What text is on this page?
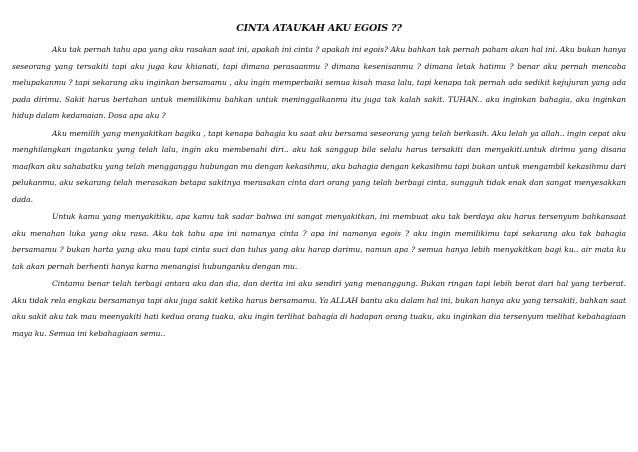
CINTA ATAUKAH AKU EGOIS ??

Aku tak pernah tahu apa yang aku rasakan saat ini, apakah ini cinta ? apakah ini egois? Aku bahkan tak pernah paham akan hal ini. Aku bukan hanya seseorang yang tersakiti tapi aku juga kau khianati, tapi dimana perasaanmu ? dimana kesenisanmu ? dimana letak hatimu ? benar aku pernah mencoba melupakanmu ? tapi sekarang aku inginkan bersamamu , aku ingin memperbaiki semua kisah masa lalu, tapi kenapa tak pernah ada sedikit kejujuran yang ada pada dirimu. Sakit harus bertahan untuk memilikimu bahkan untuk meninggalkanmu itu juga tak kalah sakit. TUHAN.. aku inginkan bahagia, aku inginkan hidup dalam kedamaian. Dosa apa aku ?

Aku memilih yang menyakitkan bagiku , tapi kenapa bahagia ku saat aku bersama seseorang yang telah berkasih. Aku lelah ya allah.. ingin cepat aku menghilangkan ingatanku yang telah lalu, ingin aku membenahi diri.. aku tak sanggup bila selalu harus tersakiti dan menyakiti.untuk dirimu yang disana maafkan aku sahabatku yang telah mengganggu hubungan mu dengan kekasihmu, aku bahagia dengan kekasihmu tapi bukan untuk mengambil kekasihmu dari pelukanmu, aku sekarang telah merasakan betapa sakitnya merasakan cinta dari orang yang telah berbagi cinta, sungguh tidak enak dan sangat menyesakkan dada.

Untuk kamu yang menyakitiku, apa kamu tak sadar bahwa ini sangat menyakitkan, ini membuat aku tak berdaya aku harus tersenyum bahkansaat aku menahan luka yang aku rasa. Aku tak tahu apa ini namanya cinta ? apa ini namanya egois ? aku ingin memilikimu tapi sekarang aku tak bahagia bersamamu ? bukan harta yang aku mau tapi cinta suci dan tulus yang aku harap darimu, namun apa ? semua hanya lebih menyakitkan bagi ku.. air mata ku tak akan pernah berhenti hanya karna menangisi hubunganku dengan mu.

Cintamu benar telah terbagi antara aku dan dia, dan derita ini aku sendiri yang menanggung. Bukan ringan tapi lebih berat dari hal yang terberat. Aku tidak rela engkau bersamanya tapi aku juga sakit ketika harus bersamamu. Ya ALLAH bantu aku dalam hal ini, bukan hanya aku yang tersakiti, bahkan saat aku sakit aku tak mau meenyakiti hati kedua orang tuaku, aku ingin terlihat bahagia di hadapan orang tuaku, aku inginkan dia tersenyum melihat kebahagiaan maya ku. Semua ini kebahagiaan semu..
